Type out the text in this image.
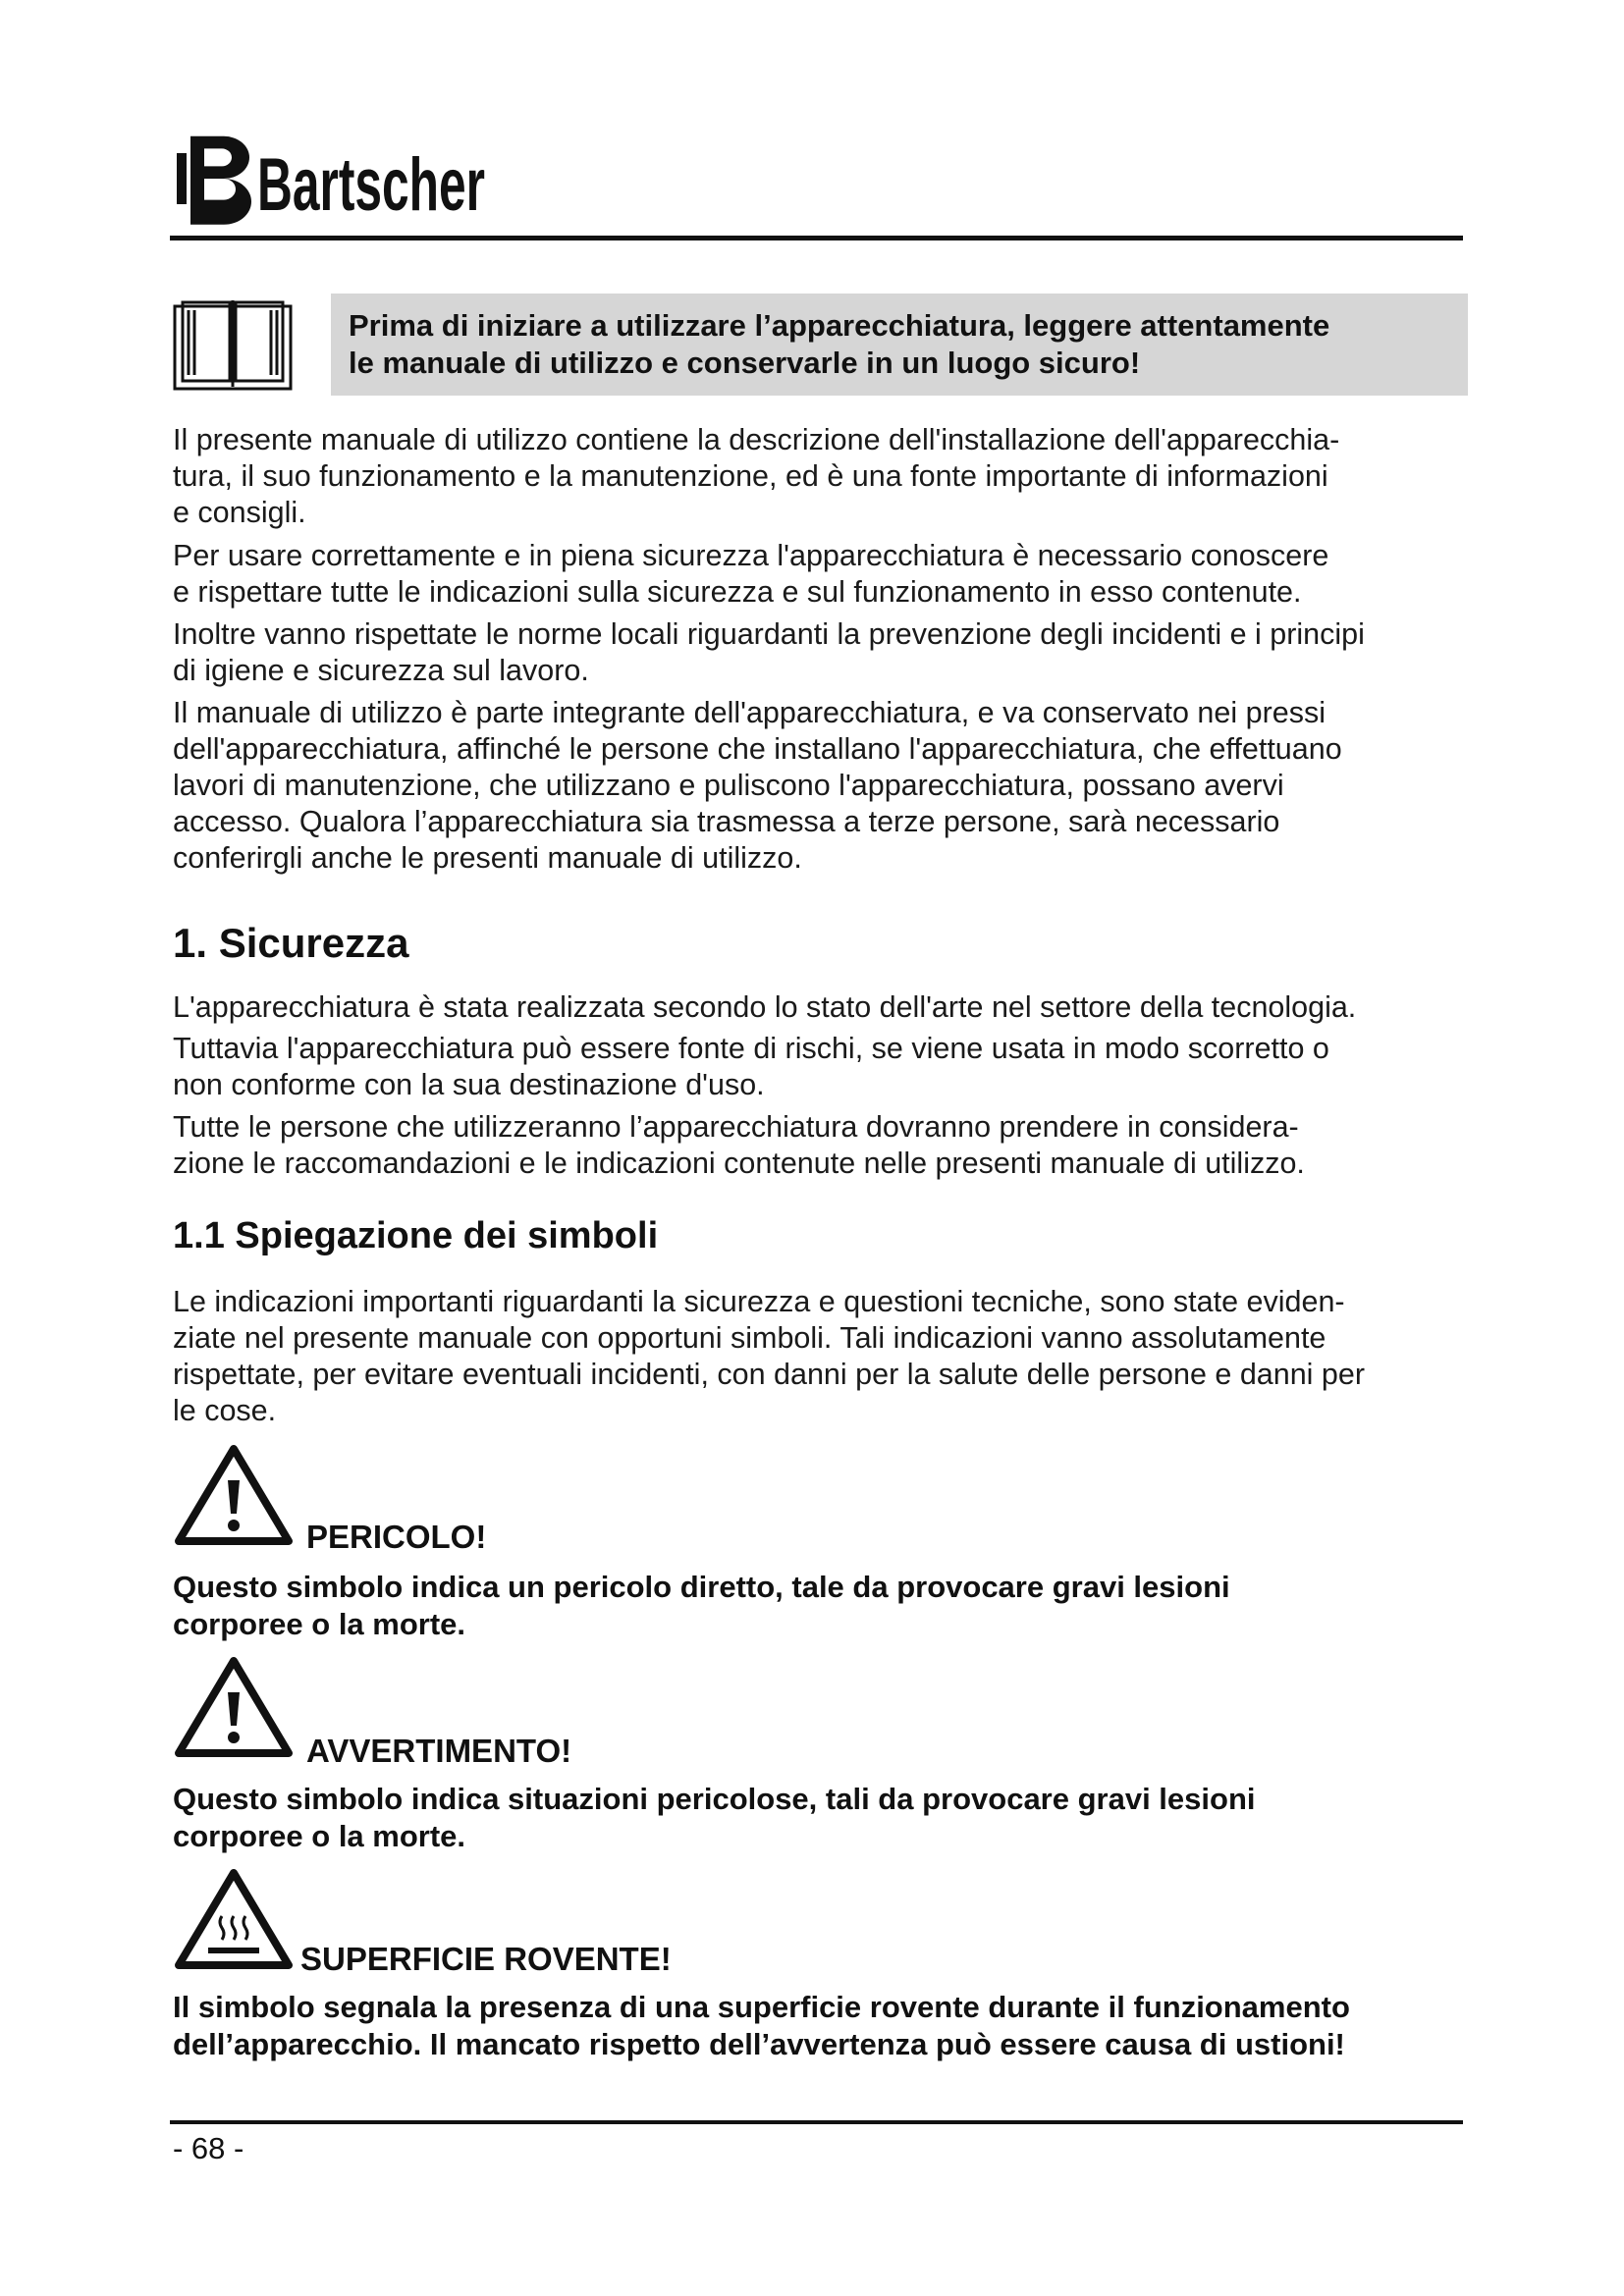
Bartscher

Prima di iniziare a utilizzare l’apparecchiatura, leggere attentamente

le manuale di utilizzo e conservarle in un luogo sicuro!

Il presente manuale di utilizzo contiene la descrizione dell'installazione dell'apparecchia-
tura, il suo funzionamento e la manutenzione, ed è una fonte importante di informazioni
e consigli.

Per usare correttamente e in piena sicurezza l'apparecchiatura è necessario conoscere
e rispettare tutte le indicazioni sulla sicurezza e sul funzionamento in esso contenute.

Inoltre vanno rispettate le norme locali riguardanti la prevenzione degli incidenti e i principi
di igiene e sicurezza sul lavoro.

Il manuale di utilizzo è parte integrante dell'apparecchiatura, e va conservato nei pressi
dell'apparecchiatura, affinché le persone che installano l'apparecchiatura, che effettuano
lavori di manutenzione, che utilizzano e puliscono l'apparecchiatura, possano avervi
accesso. Qualora l’apparecchiatura sia trasmessa a terze persone, sarà necessario
conferirgli anche le presenti manuale di utilizzo.

1. Sicurezza

L'apparecchiatura è stata realizzata secondo lo stato dell'arte nel settore della tecnologia.

Tuttavia l'apparecchiatura può essere fonte di rischi, se viene usata in modo scorretto o
non conforme con la sua destinazione d'uso.

Tutte le persone che utilizzeranno l’apparecchiatura dovranno prendere in considera-
zione le raccomandazioni e le indicazioni contenute nelle presenti manuale di utilizzo.

1.1 Spiegazione dei simboli

Le indicazioni importanti riguardanti la sicurezza e questioni tecniche, sono state eviden-
ziate nel presente manuale con opportuni simboli. Tali indicazioni vanno assolutamente
rispettate, per evitare eventuali incidenti, con danni per la salute delle persone e danni per
le cose.

PERICOLO!

Questo simbolo indica un pericolo diretto, tale da provocare gravi lesioni
corporee o la morte.

AVVERTIMENTO!

Questo simbolo indica situazioni pericolose, tali da provocare gravi lesioni
corporee o la morte.

SUPERFICIE ROVENTE!

Il simbolo segnala la presenza di una superficie rovente durante il funzionamento
dell’apparecchio. Il mancato rispetto dell’avvertenza può essere causa di ustioni!

- 68 -
